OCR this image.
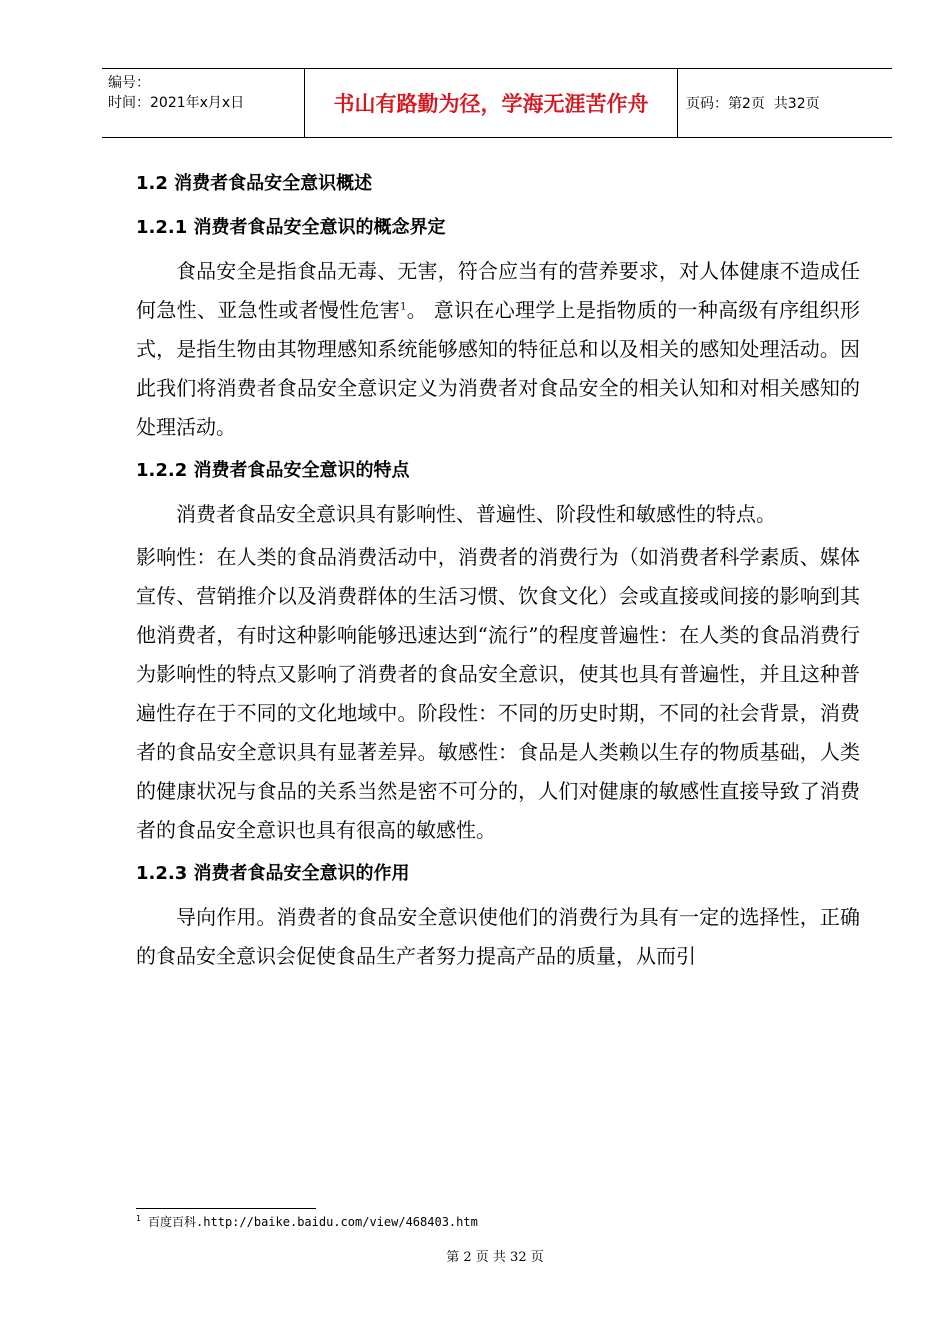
编号：
时间：2021年x月x日	书山有路勤为径，学海无涯苦作舟	页码：第2页  共32页
1.2 消费者食品安全意识概述
1.2.1 消费者食品安全意识的概念界定

食品安全是指食品无毒、无害，符合应当有的营养要求，对人体健康不造成任何急性、亚急性或者慢性危害$^1$。 意识在心理学上是指物质的一种高级有序组织形式，是指生物由其物理感知系统能够感知的特征总和以及相关的感知处理活动。因此我们将消费者食品安全意识定义为消费者对食品安全的相关认知和对相关感知的处理活动。

1.2.2 消费者食品安全意识的特点

消费者食品安全意识具有影响性、普遍性、阶段性和敏感性的特点。

影响性：在人类的食品消费活动中，消费者的消费行为（如消费者科学素质、媒体宣传、营销推介以及消费群体的生活习惯、饮食文化）会或直接或间接的影响到其他消费者，有时这种影响能够迅速达到“流行”的程度普遍性：在人类的食品消费行为影响性的特点又影响了消费者的食品安全意识，使其也具有普遍性，并且这种普遍性存在于不同的文化地域中。阶段性：不同的历史时期，不同的社会背景，消费者的食品安全意识具有显著差异。敏感性：食品是人类赖以生存的物质基础，人类的健康状况与食品的关系当然是密不可分的，人们对健康的敏感性直接导致了消费者的食品安全意识也具有很高的敏感性。

1.2.3 消费者食品安全意识的作用

导向作用。消费者的食品安全意识使他们的消费行为具有一定的选择性，正确的食品安全意识会促使食品生产者努力提高产品的质量，从而引

$^1$ 百度百科.http://baike.baidu.com/view/468403.htm
第 2 页 共 32 页
